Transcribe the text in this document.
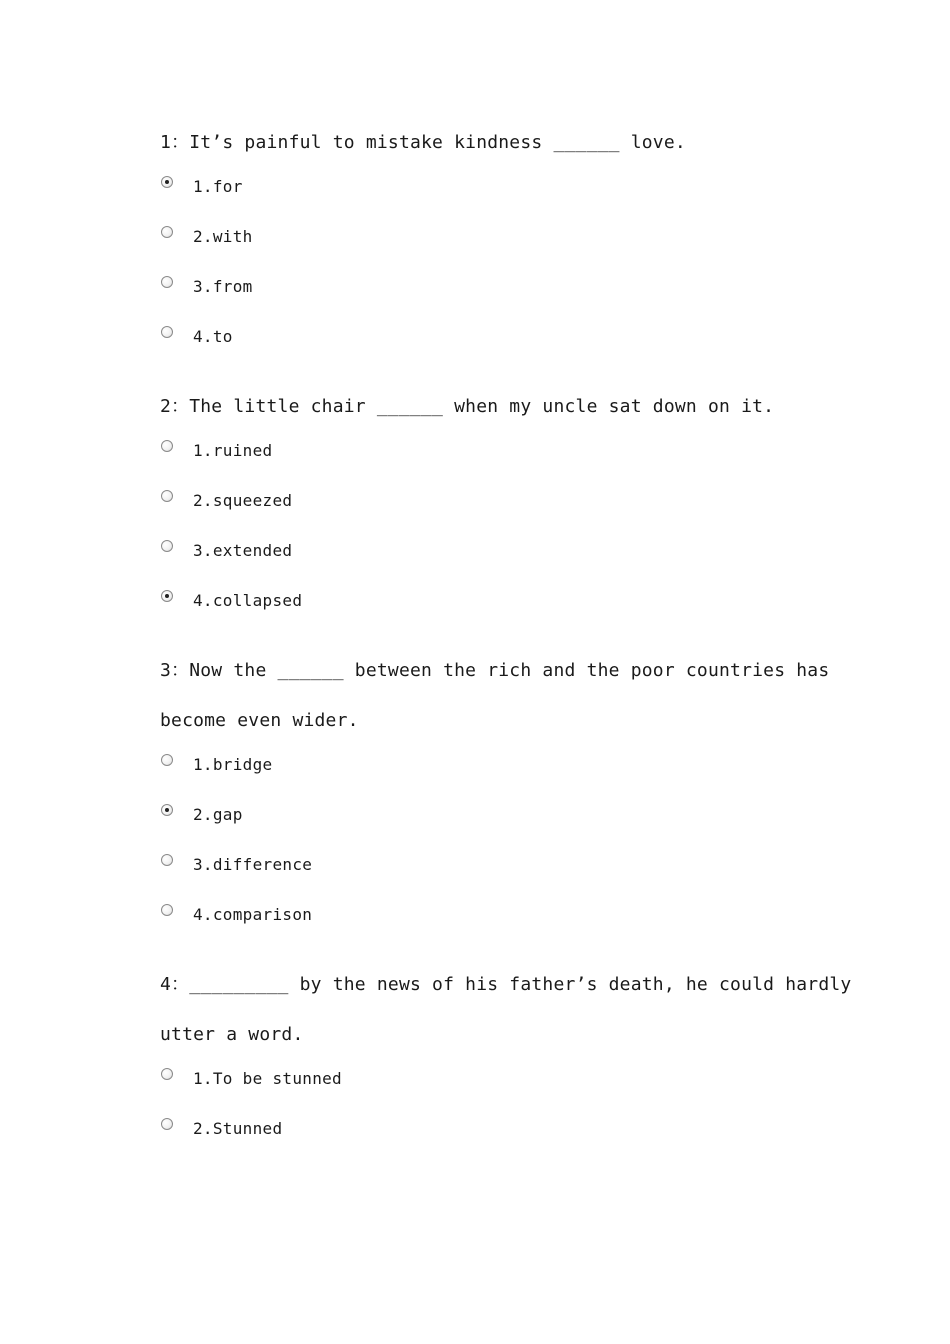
1：It’s painful to mistake kindness ______ love.

1.for
2.with
3.from
4.to

2：The little chair ______ when my uncle sat down on it.

1.ruined
2.squeezed
3.extended
4.collapsed

3：Now the ______ between the rich and the poor countries has become even wider.

1.bridge
2.gap
3.difference
4.comparison

4：_________ by the news of his father’s death, he could hardly utter a word.

1.To be stunned
2.Stunned
